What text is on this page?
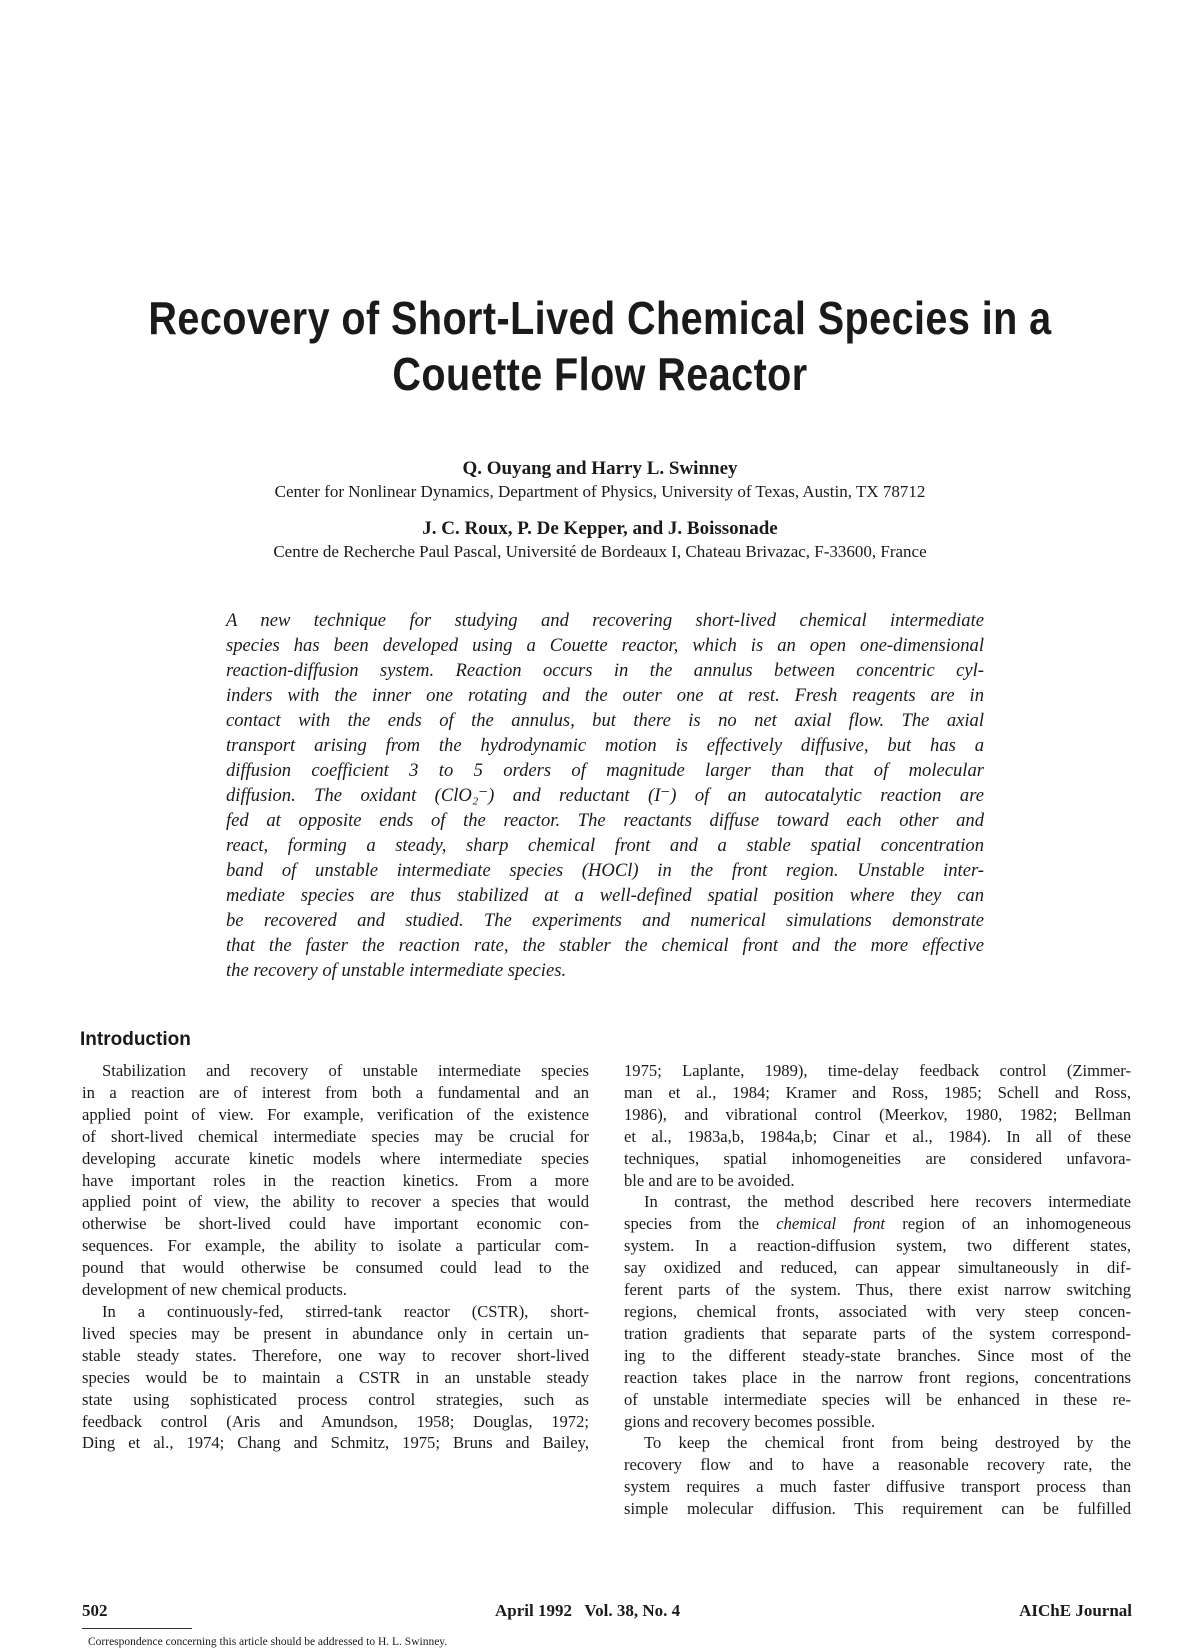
Recovery of Short-Lived Chemical Species in a
Couette Flow Reactor
Q. Ouyang and Harry L. Swinney
Center for Nonlinear Dynamics, Department of Physics, University of Texas, Austin, TX 78712
J. C. Roux, P. De Kepper, and J. Boissonade
Centre de Recherche Paul Pascal, Université de Bordeaux I, Chateau Brivazac, F-33600, France
A new technique for studying and recovering short-lived chemical intermediate
species has been developed using a Couette reactor, which is an open one-dimensional
reaction-diffusion system. Reaction occurs in the annulus between concentric cyl-
inders with the inner one rotating and the outer one at rest. Fresh reagents are in
contact with the ends of the annulus, but there is no net axial flow. The axial
transport arising from the hydrodynamic motion is effectively diffusive, but has a
diffusion coefficient 3 to 5 orders of magnitude larger than that of molecular
diffusion. The oxidant (ClO₂⁻) and reductant (I⁻) of an autocatalytic reaction are
fed at opposite ends of the reactor. The reactants diffuse toward each other and
react, forming a steady, sharp chemical front and a stable spatial concentration
band of unstable intermediate species (HOCl) in the front region. Unstable inter-
mediate species are thus stabilized at a well-defined spatial position where they can
be recovered and studied. The experiments and numerical simulations demonstrate
that the faster the reaction rate, the stabler the chemical front and the more effective
the recovery of unstable intermediate species.
Introduction
Stabilization and recovery of unstable intermediate species
in a reaction are of interest from both a fundamental and an
applied point of view. For example, verification of the existence
of short-lived chemical intermediate species may be crucial for
developing accurate kinetic models where intermediate species
have important roles in the reaction kinetics. From a more
applied point of view, the ability to recover a species that would
otherwise be short-lived could have important economic con-
sequences. For example, the ability to isolate a particular com-
pound that would otherwise be consumed could lead to the
development of new chemical products.
In a continuously-fed, stirred-tank reactor (CSTR), short-
lived species may be present in abundance only in certain un-
stable steady states. Therefore, one way to recover short-lived
species would be to maintain a CSTR in an unstable steady
state using sophisticated process control strategies, such as
feedback control (Aris and Amundson, 1958; Douglas, 1972;
Ding et al., 1974; Chang and Schmitz, 1975; Bruns and Bailey,
1975; Laplante, 1989), time-delay feedback control (Zimmer-
man et al., 1984; Kramer and Ross, 1985; Schell and Ross,
1986), and vibrational control (Meerkov, 1980, 1982; Bellman
et al., 1983a,b, 1984a,b; Cinar et al., 1984). In all of these
techniques, spatial inhomogeneities are considered unfavora-
ble and are to be avoided.
In contrast, the method described here recovers intermediate
species from the chemical front region of an inhomogeneous
system. In a reaction-diffusion system, two different states,
say oxidized and reduced, can appear simultaneously in dif-
ferent parts of the system. Thus, there exist narrow switching
regions, chemical fronts, associated with very steep concen-
tration gradients that separate parts of the system correspond-
ing to the different steady-state branches. Since most of the
reaction takes place in the narrow front regions, concentrations
of unstable intermediate species will be enhanced in these re-
gions and recovery becomes possible.
To keep the chemical front from being destroyed by the
recovery flow and to have a reasonable recovery rate, the
system requires a much faster diffusive transport process than
simple molecular diffusion. This requirement can be fulfilled
Correspondence concerning this article should be addressed to H. L. Swinney.
502	April 1992   Vol. 38, No. 4	AIChE Journal
